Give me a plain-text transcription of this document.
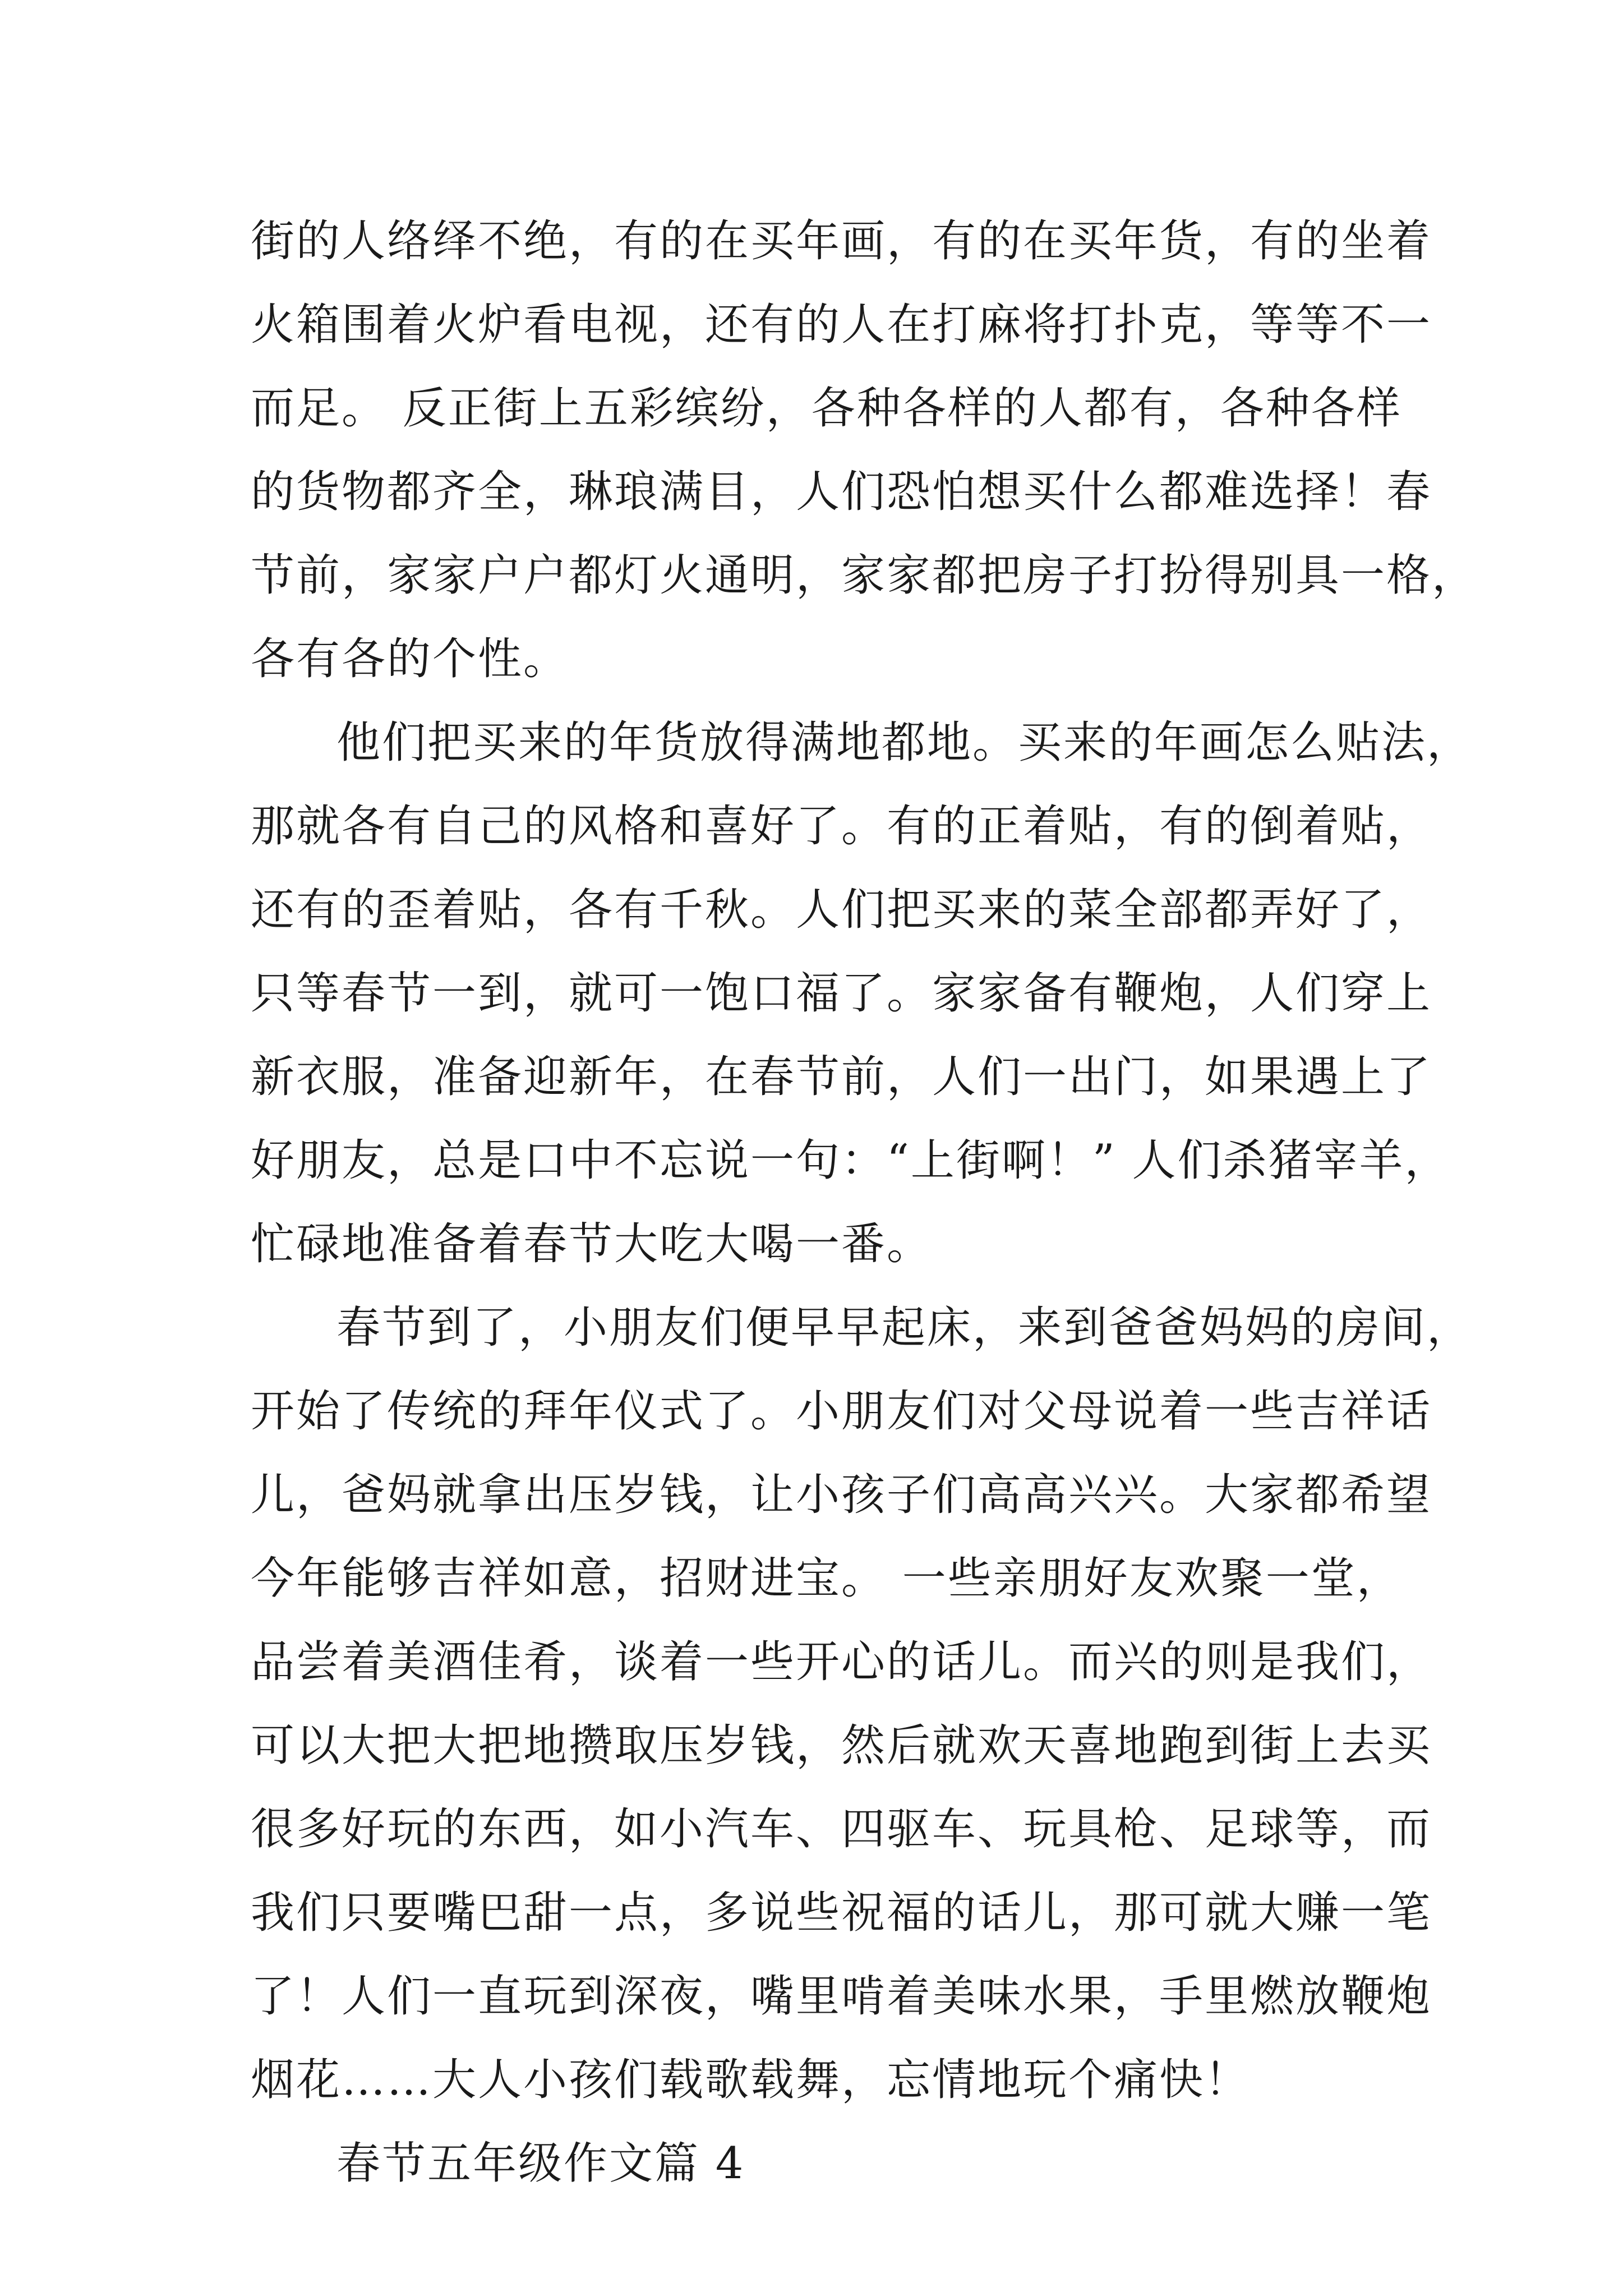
街的人络绎不绝，有的在买年画，有的在买年货，有的坐着
火箱围着火炉看电视，还有的人在打麻将打扑克，等等不一
而足。 反正街上五彩缤纷，各种各样的人都有，各种各样
的货物都齐全，琳琅满目，人们恐怕想买什么都难选择！春
节前，家家户户都灯火通明，家家都把房子打扮得别具一格，
各有各的个性。
他们把买来的年货放得满地都地。买来的年画怎么贴法，
那就各有自己的风格和喜好了。有的正着贴，有的倒着贴，
还有的歪着贴，各有千秋。人们把买来的菜全部都弄好了，
只等春节一到，就可一饱口福了。家家备有鞭炮，人们穿上
新衣服，准备迎新年，在春节前，人们一出门，如果遇上了
好朋友，总是口中不忘说一句：“上街啊！” 人们杀猪宰羊，
忙碌地准备着春节大吃大喝一番。
春节到了，小朋友们便早早起床，来到爸爸妈妈的房间，
开始了传统的拜年仪式了。小朋友们对父母说着一些吉祥话
儿，爸妈就拿出压岁钱，让小孩子们高高兴兴。大家都希望
今年能够吉祥如意，招财进宝。 一些亲朋好友欢聚一堂，
品尝着美酒佳肴，谈着一些开心的话儿。而兴的则是我们，
可以大把大把地攒取压岁钱，然后就欢天喜地跑到街上去买
很多好玩的东西，如小汽车、四驱车、玩具枪、足球等，而
我们只要嘴巴甜一点，多说些祝福的话儿，那可就大赚一笔
了！人们一直玩到深夜，嘴里啃着美味水果，手里燃放鞭炮
烟花……大人小孩们载歌载舞，忘情地玩个痛快！
春节五年级作文篇 4
